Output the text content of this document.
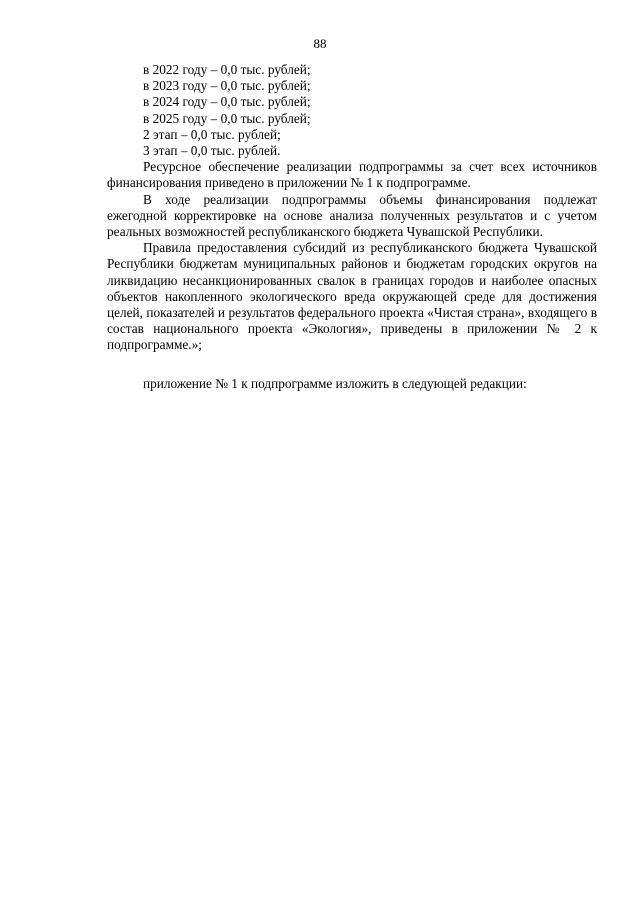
88
в 2022 году – 0,0 тыс. рублей;
в 2023 году – 0,0 тыс. рублей;
в 2024 году – 0,0 тыс. рублей;
в 2025 году – 0,0 тыс. рублей;
2 этап – 0,0 тыс. рублей;
3 этап – 0,0 тыс. рублей.

Ресурсное обеспечение реализации подпрограммы за счет всех источников финансирования приведено в приложении № 1 к подпрограмме.

В ходе реализации подпрограммы объемы финансирования подлежат ежегодной корректировке на основе анализа полученных результатов и с учетом реальных возможностей республиканского бюджета Чувашской Республики.

Правила предоставления субсидий из республиканского бюджета Чувашской Республики бюджетам муниципальных районов и бюджетам городских округов на ликвидацию несанкционированных свалок в границах городов и наиболее опасных объектов накопленного экологического вреда окружающей среде для достижения целей, показателей и результатов федерального проекта «Чистая страна», входящего в состав национального проекта «Экология», приведены в приложении № 2 к подпрограмме.»;

приложение № 1 к подпрограмме изложить в следующей редакции:
